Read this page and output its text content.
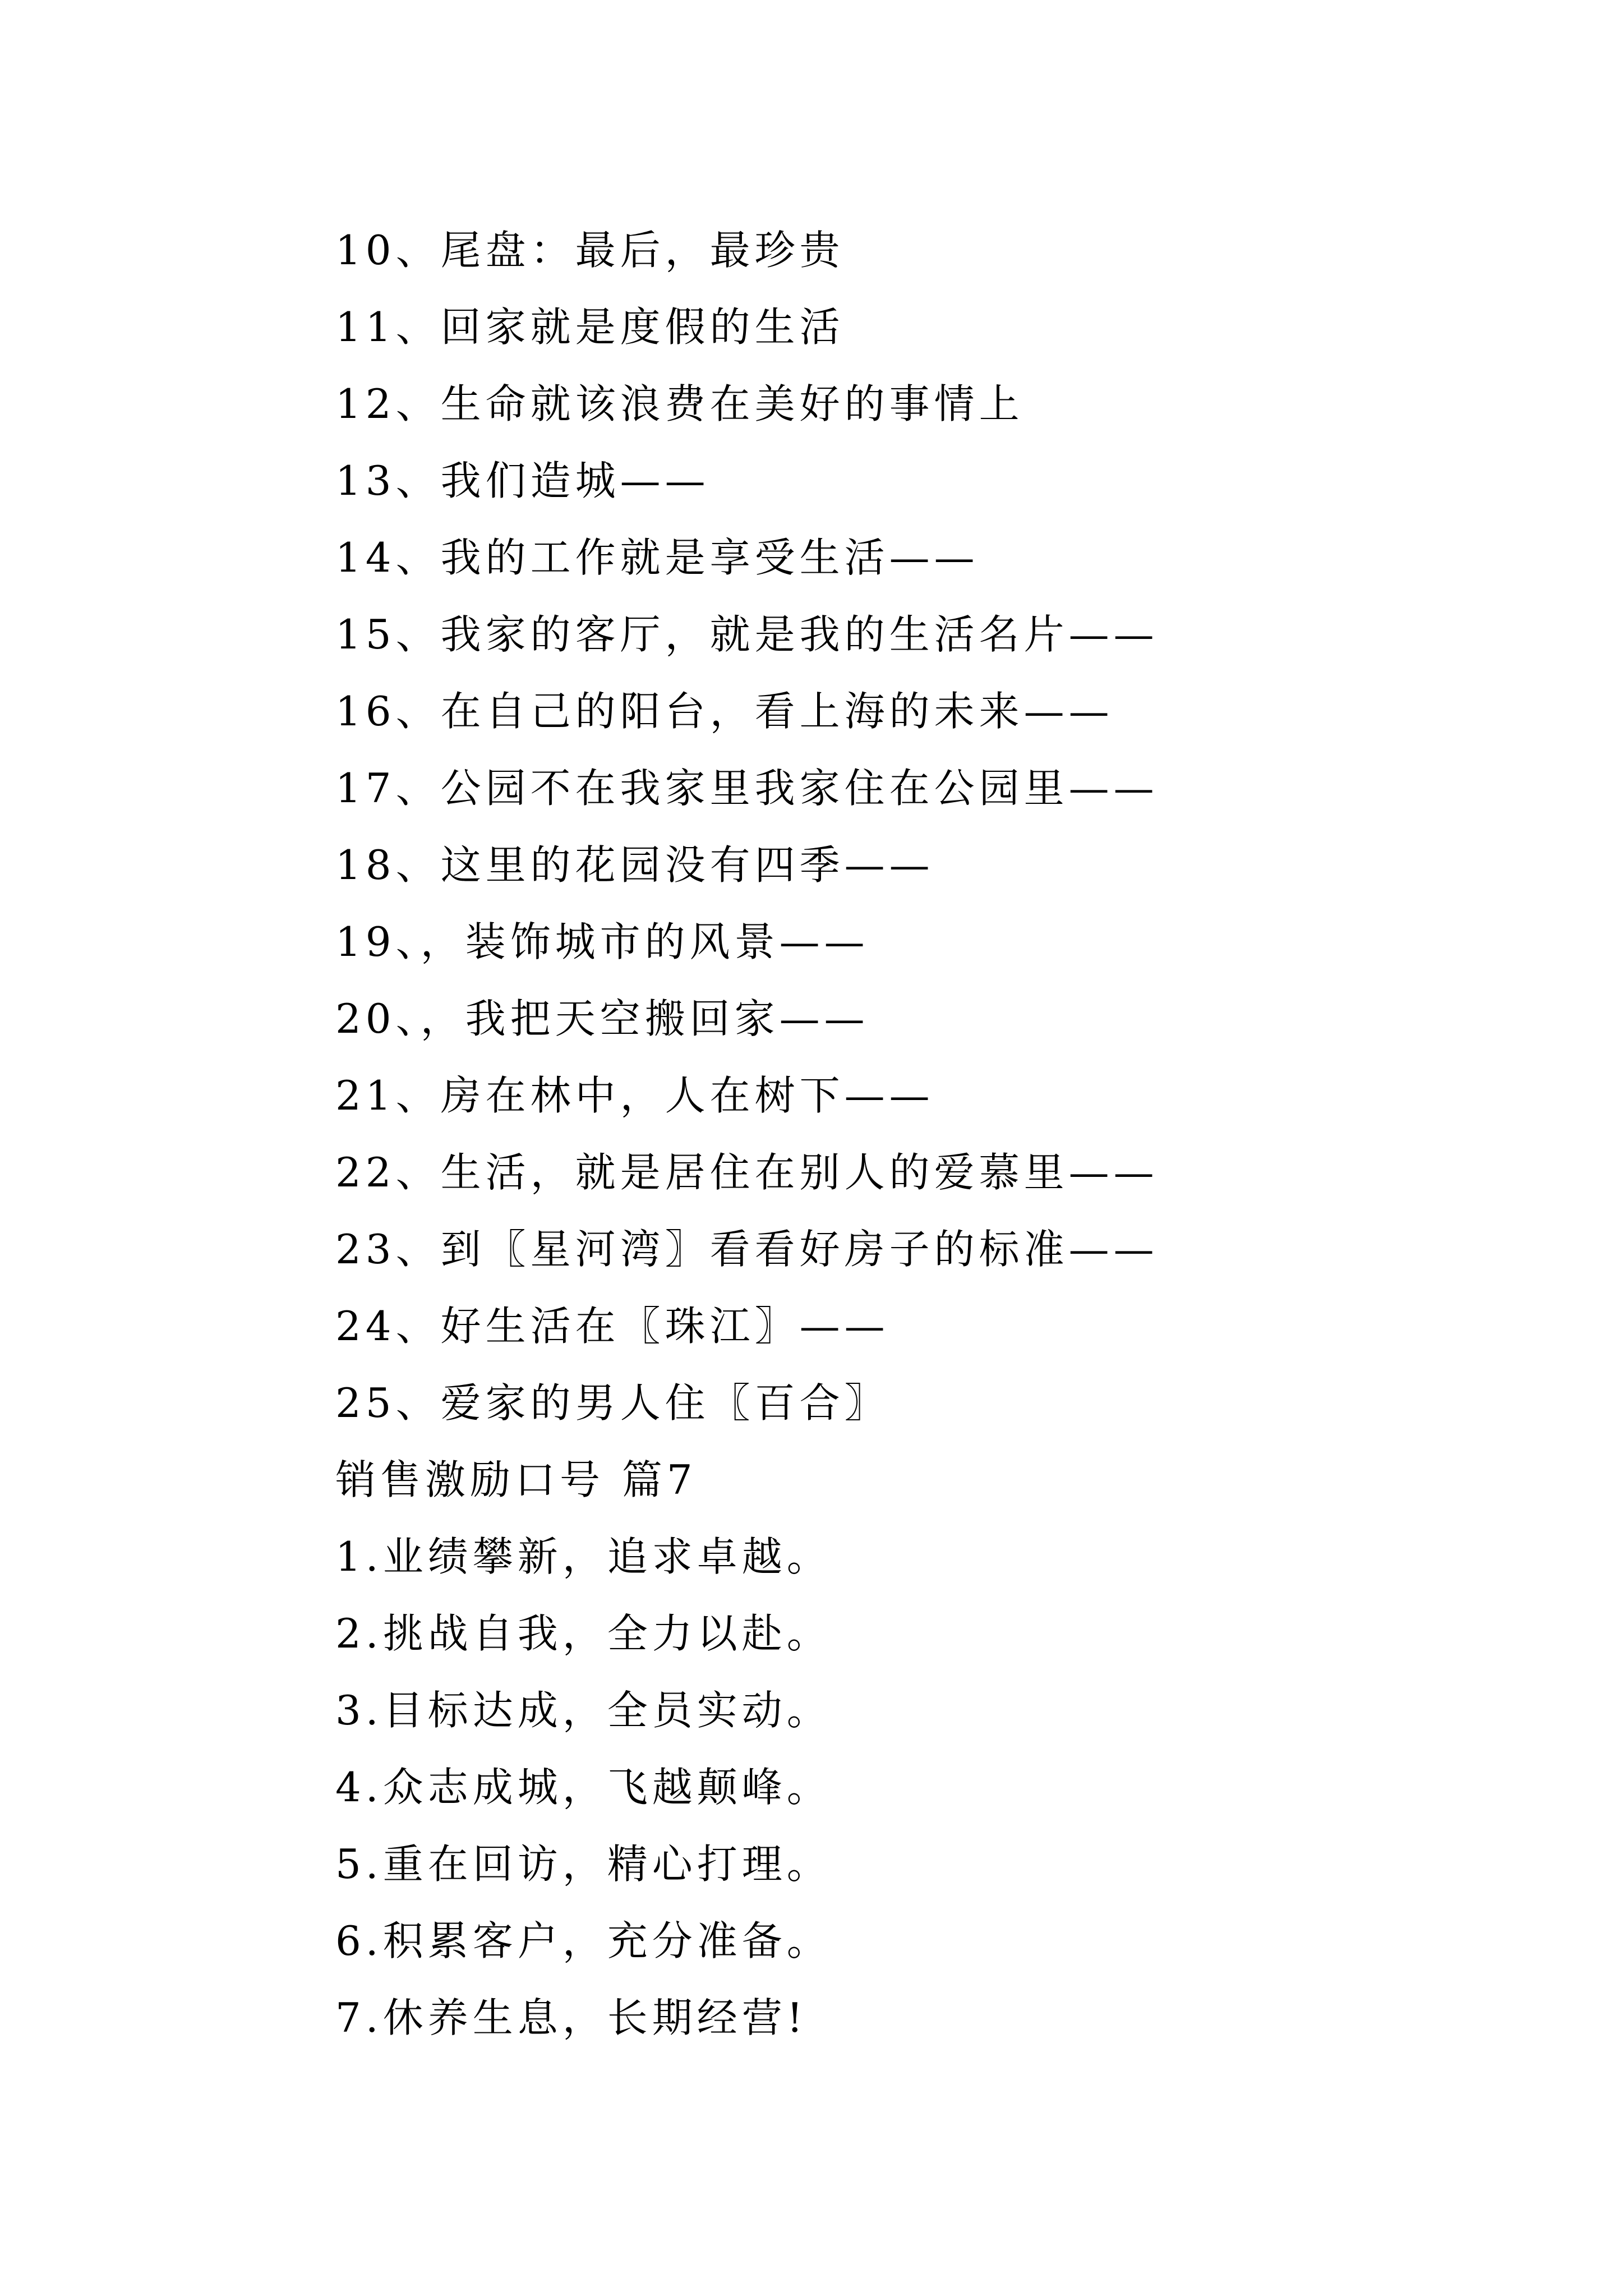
10、尾盘：最后，最珍贵
11、回家就是度假的生活
12、生命就该浪费在美好的事情上
13、我们造城——
14、我的工作就是享受生活——
15、我家的客厅，就是我的生活名片——
16、在自己的阳台，看上海的未来——
17、公园不在我家里我家住在公园里——
18、这里的花园没有四季——
19、，装饰城市的风景——
20、，我把天空搬回家——
21、房在林中，人在树下——
22、生活，就是居住在别人的爱慕里——
23、到〖星河湾〗看看好房子的标准——
24、好生活在〖珠江〗——
25、爱家的男人住〖百合〗
销售激励口号 篇7
1.业绩攀新，追求卓越。
2.挑战自我，全力以赴。
3.目标达成，全员实动。
4.众志成城，飞越颠峰。
5.重在回访，精心打理。
6.积累客户，充分准备。
7.休养生息，长期经营!
